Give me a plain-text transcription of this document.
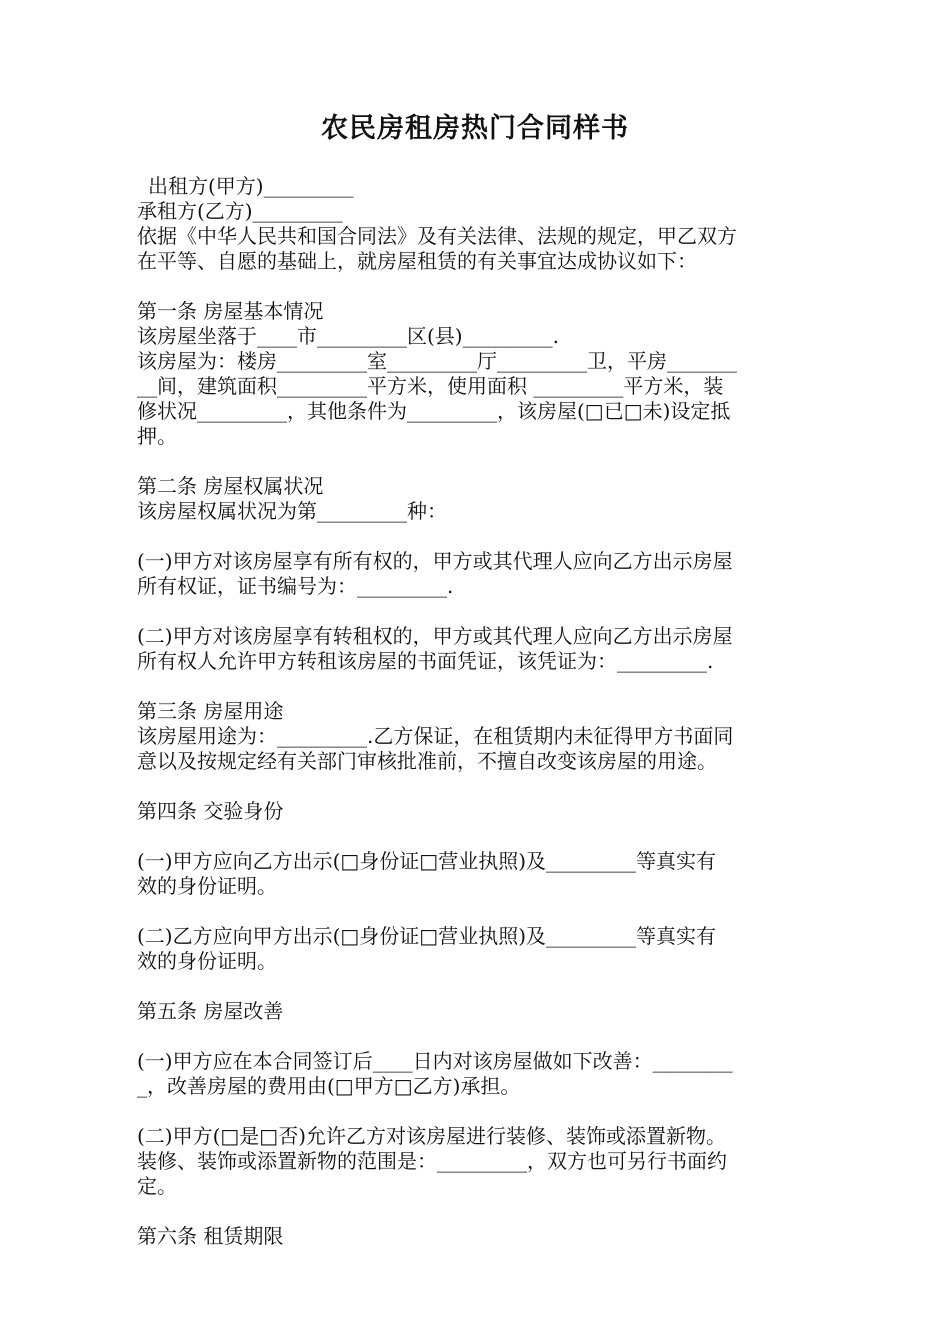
农民房租房热门合同样书
出租方(甲方)_________
承租方(乙方)_________
依据《中华人民共和国合同法》及有关法律、法规的规定，甲乙双方
在平等、自愿的基础上，就房屋租赁的有关事宜达成协议如下：
第一条 房屋基本情况
该房屋坐落于____市_________区(县)_________.
该房屋为：楼房_________室_________厅_________卫，平房_______
__间，建筑面积_________平方米，使用面积 _________平方米，装
修状况_________，其他条件为_________，该房屋(□已□未)设定抵
押。
第二条 房屋权属状况
该房屋权属状况为第_________种：
(一)甲方对该房屋享有所有权的，甲方或其代理人应向乙方出示房屋
所有权证，证书编号为：_________.
(二)甲方对该房屋享有转租权的，甲方或其代理人应向乙方出示房屋
所有权人允许甲方转租该房屋的书面凭证，该凭证为：_________.
第三条 房屋用途
该房屋用途为：_________.乙方保证，在租赁期内未征得甲方书面同
意以及按规定经有关部门审核批准前，不擅自改变该房屋的用途。
第四条 交验身份
(一)甲方应向乙方出示(□身份证□营业执照)及_________等真实有
效的身份证明。
(二)乙方应向甲方出示(□身份证□营业执照)及_________等真实有
效的身份证明。
第五条 房屋改善
(一)甲方应在本合同签订后____日内对该房屋做如下改善：________
_，改善房屋的费用由(□甲方□乙方)承担。
(二)甲方(□是□否)允许乙方对该房屋进行装修、装饰或添置新物。
装修、装饰或添置新物的范围是：_________，双方也可另行书面约
定。
第六条 租赁期限
